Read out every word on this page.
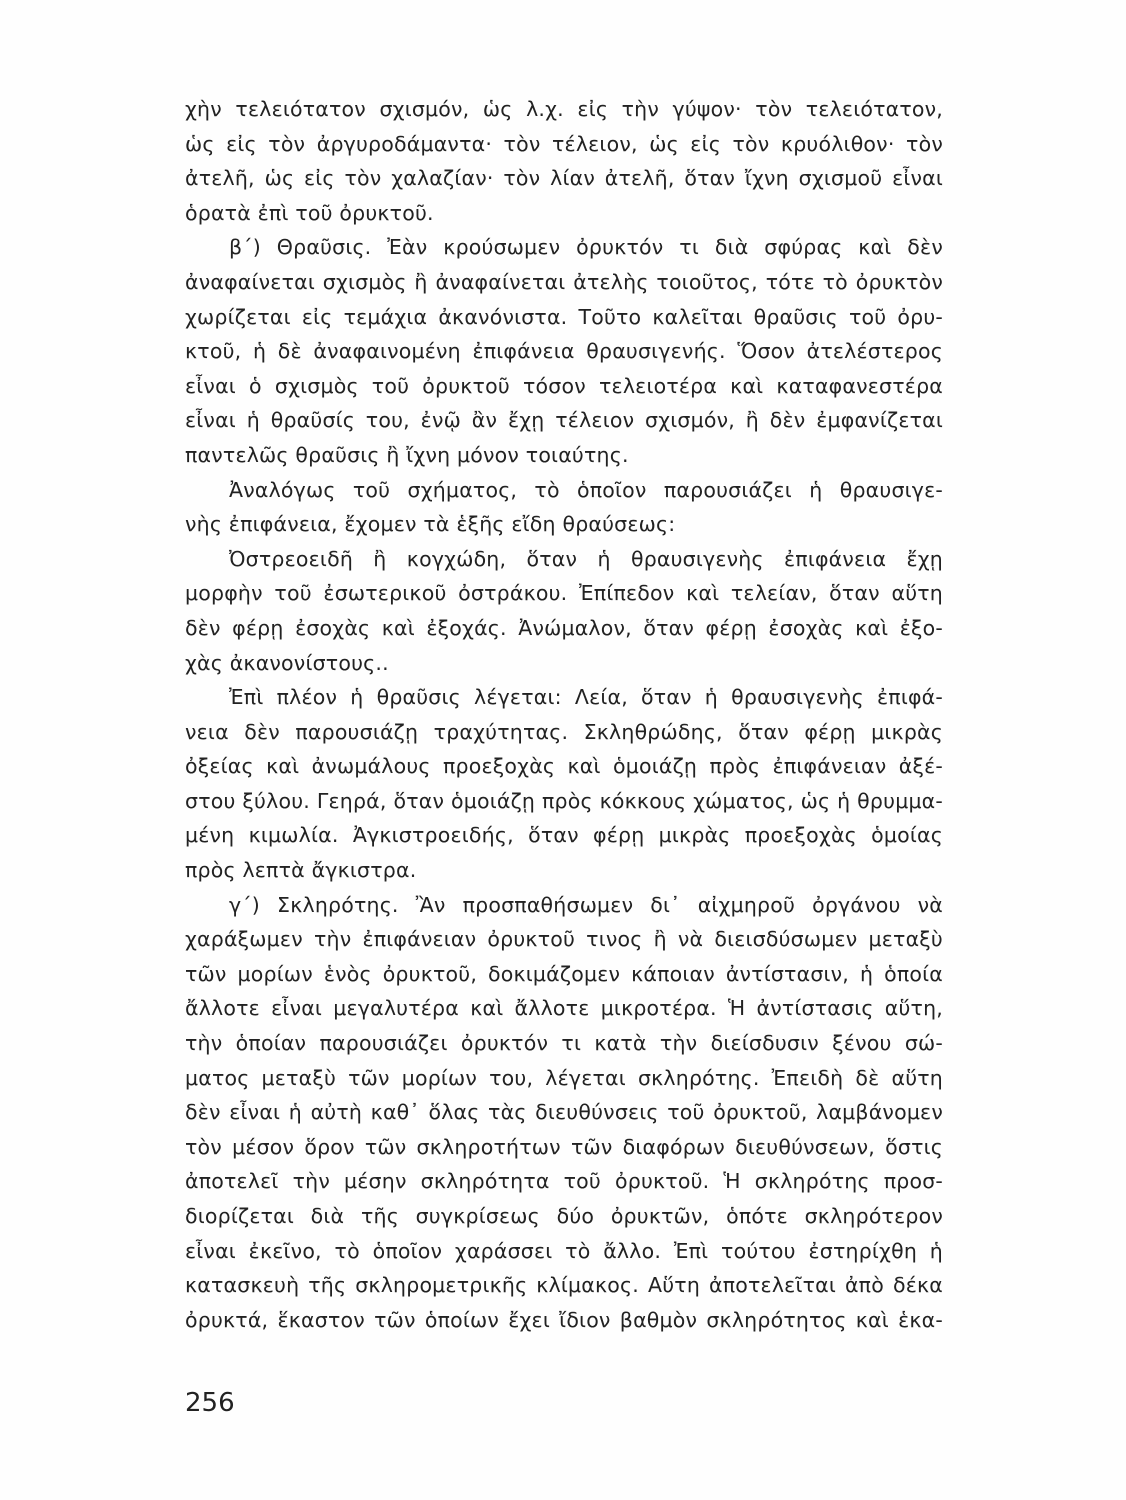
χὴν τελειότατον σχισμόν, ὡς λ.χ. εἰς τὴν γύψον· τὸν τελειότατον,
ὡς εἰς τὸν ἀργυροδάμαντα· τὸν τέλειον, ὡς εἰς τὸν κρυόλιθον· τὸν
ἀτελῆ, ὡς εἰς τὸν χαλαζίαν· τὸν λίαν ἀτελῆ, ὅταν ἴχνη σχισμοῦ εἶναι
ὁρατὰ ἐπὶ τοῦ ὀρυκτοῦ.
β΄) Θραῦσις. Ἐὰν κρούσωμεν ὀρυκτόν τι διὰ σφύρας καὶ δὲν
ἀναφαίνεται σχισμὸς ἢ ἀναφαίνεται ἀτελὴς τοιοῦτος, τότε τὸ ὀρυκτὸν
χωρίζεται εἰς τεμάχια ἀκανόνιστα. Τοῦτο καλεῖται θραῦσις τοῦ ὀρυ-
κτοῦ, ἡ δὲ ἀναφαινομένη ἐπιφάνεια θραυσιγενής. Ὅσον ἀτελέστερος
εἶναι ὁ σχισμὸς τοῦ ὀρυκτοῦ τόσον τελειοτέρα καὶ καταφανεστέρα
εἶναι ἡ θραῦσίς του, ἐνῷ ἂν ἔχῃ τέλειον σχισμόν, ἢ δὲν ἐμφανίζεται
παντελῶς θραῦσις ἢ ἴχνη μόνον τοιαύτης.
Ἀναλόγως τοῦ σχήματος, τὸ ὁποῖον παρουσιάζει ἡ θραυσιγε-
νὴς ἐπιφάνεια, ἔχομεν τὰ ἑξῆς εἴδη θραύσεως:
Ὀστρεοειδῆ ἢ κογχώδη, ὅταν ἡ θραυσιγενὴς ἐπιφάνεια ἔχῃ
μορφὴν τοῦ ἐσωτερικοῦ ὀστράκου. Ἐπίπεδον καὶ τελείαν, ὅταν αὕτη
δὲν φέρῃ ἐσοχὰς καὶ ἐξοχάς. Ἀνώμαλον, ὅταν φέρῃ ἐσοχὰς καὶ ἐξο-
χὰς ἀκανονίστους..
Ἐπὶ πλέον ἡ θραῦσις λέγεται: Λεία, ὅταν ἡ θραυσιγενὴς ἐπιφά-
νεια δὲν παρουσιάζῃ τραχύτητας. Σκληθρώδης, ὅταν φέρῃ μικρὰς
ὀξείας καὶ ἀνωμάλους προεξοχὰς καὶ ὁμοιάζῃ πρὸς ἐπιφάνειαν ἀξέ-
στου ξύλου. Γεηρά, ὅταν ὁμοιάζῃ πρὸς κόκκους χώματος, ὡς ἡ θρυμμα-
μένη κιμωλία. Ἀγκιστροειδής, ὅταν φέρῃ μικρὰς προεξοχὰς ὁμοίας
πρὸς λεπτὰ ἄγκιστρα.
γ΄) Σκληρότης. Ἂν προσπαθήσωμεν δι᾽ αἰχμηροῦ ὀργάνου νὰ
χαράξωμεν τὴν ἐπιφάνειαν ὀρυκτοῦ τινος ἢ νὰ διεισδύσωμεν μεταξὺ
τῶν μορίων ἑνὸς ὀρυκτοῦ, δοκιμάζομεν κάποιαν ἀντίστασιν, ἡ ὁποία
ἄλλοτε εἶναι μεγαλυτέρα καὶ ἄλλοτε μικροτέρα. Ἡ ἀντίστασις αὕτη,
τὴν ὁποίαν παρουσιάζει ὀρυκτόν τι κατὰ τὴν διείσδυσιν ξένου σώ-
ματος μεταξὺ τῶν μορίων του, λέγεται σκληρότης. Ἐπειδὴ δὲ αὕτη
δὲν εἶναι ἡ αὐτὴ καθ᾽ ὅλας τὰς διευθύνσεις τοῦ ὀρυκτοῦ, λαμβάνομεν
τὸν μέσον ὅρον τῶν σκληροτήτων τῶν διαφόρων διευθύνσεων, ὅστις
ἀποτελεῖ τὴν μέσην σκληρότητα τοῦ ὀρυκτοῦ. Ἡ σκληρότης προσ-
διορίζεται διὰ τῆς συγκρίσεως δύο ὀρυκτῶν, ὁπότε σκληρότερον
εἶναι ἐκεῖνο, τὸ ὁποῖον χαράσσει τὸ ἄλλο. Ἐπὶ τούτου ἐστηρίχθη ἡ
κατασκευὴ τῆς σκληρομετρικῆς κλίμακος. Αὕτη ἀποτελεῖται ἀπὸ δέκα
ὀρυκτά, ἕκαστον τῶν ὁποίων ἔχει ἴδιον βαθμὸν σκληρότητος καὶ ἑκα-
256
